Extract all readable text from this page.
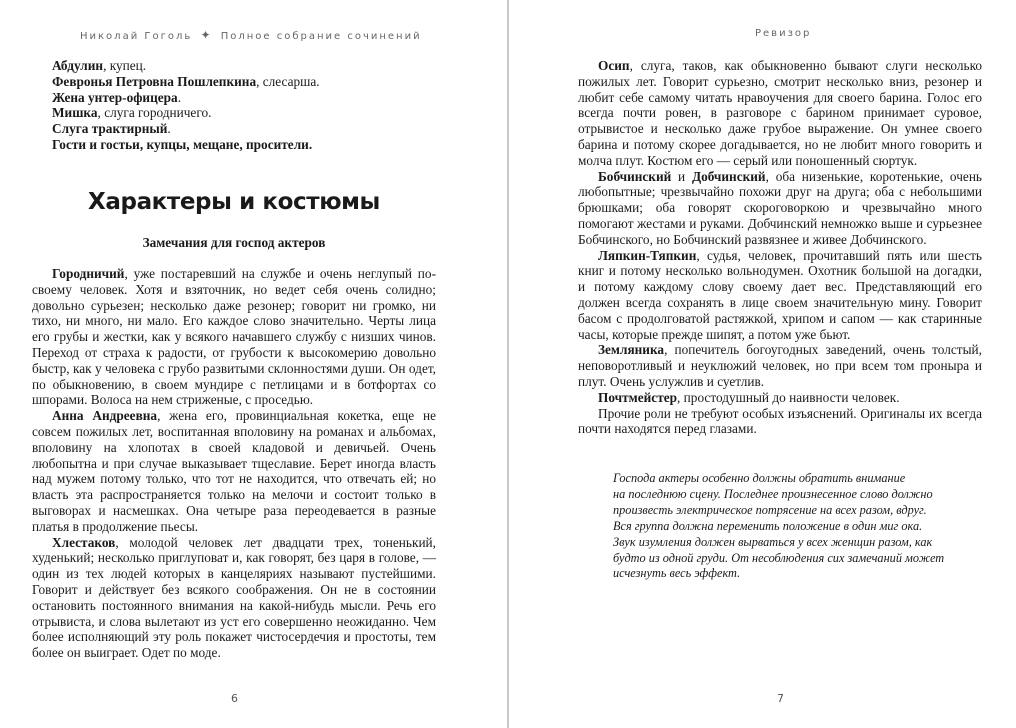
Николай Гоголь ✦ Полное собрание сочинений
Абдулин, купец.
Февронья Петровна Пошлепкина, слесарша.
Жена унтер-офицера.
Мишка, слуга городничего.
Слуга трактирный.
Гости и гостьи, купцы, мещане, просители.
Характеры и костюмы
Замечания для господ актеров

Городничий, уже постаревший на службе и очень неглупый по-своему человек. Хотя и взяточник, но ведет себя очень солидно; довольно сурьезен; несколько даже резонер; говорит ни громко, ни тихо, ни много, ни мало. Его каждое слово значительно. Черты лица его грубы и жестки, как у всякого начавшего службу с низших чинов. Переход от страха к радости, от грубости к высокомерию довольно быстр, как у человека с грубо развитыми склонностями души. Он одет, по обыкновению, в своем мундире с петлицами и в ботфортах со шпорами. Волоса на нем стриженые, с проседью.

Анна Андреевна, жена его, провинциальная кокетка, еще не совсем пожилых лет, воспитанная вполовину на романах и альбомах, вполовину на хлопотах в своей кладовой и девичьей. Очень любопытна и при случае выказывает тщеславие. Берет иногда власть над мужем потому только, что тот не находится, что отвечать ей; но власть эта распространяется только на мелочи и состоит только в выговорах и насмешках. Она четыре раза переодевается в разные платья в продолжение пьесы.

Хлестаков, молодой человек лет двадцати трех, тоненький, худенький; несколько приглуповат и, как говорят, без царя в голове, — один из тех людей которых в канцеляриях называют пустейшими. Говорит и действует без всякого соображения. Он не в состоянии остановить постоянного внимания на какой-нибудь мысли. Речь его отрывиста, и слова вылетают из уст его совершенно неожиданно. Чем более исполняющий эту роль покажет чистосердечия и простоты, тем более он выиграет. Одет по моде.

6
Ревизор

Осип, слуга, таков, как обыкновенно бывают слуги несколько пожилых лет. Говорит сурьезно, смотрит несколько вниз, резонер и любит себе самому читать нравоучения для своего барина. Голос его всегда почти ровен, в разговоре с барином принимает суровое, отрывистое и несколько даже грубое выражение. Он умнее своего барина и потому скорее догадывается, но не любит много говорить и молча плут. Костюм его — серый или поношенный сюртук.

Бобчинский и Добчинский, оба низенькие, коротенькие, очень любопытные; чрезвычайно похожи друг на друга; оба с небольшими брюшками; оба говорят скороговоркою и чрезвычайно много помогают жестами и руками. Добчинский немножко выше и сурьезнее Бобчинского, но Бобчинский развязнее и живее Добчинского.

Ляпкин-Тяпкин, судья, человек, прочитавший пять или шесть книг и потому несколько вольнодумен. Охотник большой на догадки, и потому каждому слову своему дает вес. Представляющий его должен всегда сохранять в лице своем значительную мину. Говорит басом с продолговатой растяжкой, хрипом и сапом — как старинные часы, которые прежде шипят, а потом уже бьют.

Земляника, попечитель богоугодных заведений, очень толстый, неповоротливый и неуклюжий человек, но при всем том проныра и плут. Очень услужлив и суетлив.

Почтмейстер, простодушный до наивности человек.

Прочие роли не требуют особых изъяснений. Оригиналы их всегда почти находятся перед глазами.

Господа актеры особенно должны обратить внимание
на последнюю сцену. Последнее произнесенное слово должно
произвесть электрическое потрясение на всех разом, вдруг.
Вся группа должна переменить положение в один миг ока.
Звук изумления должен вырваться у всех женщин разом, как
будто из одной груди. От несоблюдения сих замечаний может
исчезнуть весь эффект.
7
